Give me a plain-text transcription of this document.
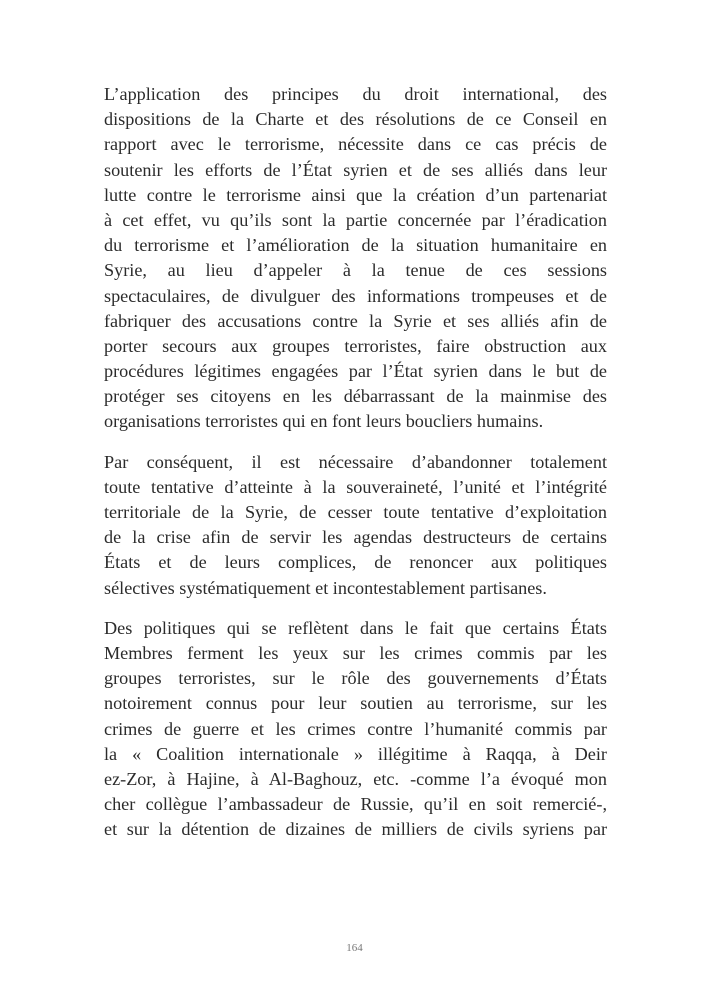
L’application des principes du droit international, des
dispositions de la Charte et des résolutions de ce Conseil en
rapport avec le terrorisme, nécessite dans ce cas précis de
soutenir les efforts de l’État syrien et de ses alliés dans leur
lutte contre le terrorisme ainsi que la création d’un partenariat
à cet effet, vu qu’ils sont la partie concernée par l’éradication
du terrorisme et l’amélioration de la situation humanitaire en
Syrie, au lieu d’appeler à la tenue de ces sessions
spectaculaires, de divulguer des informations trompeuses et de
fabriquer des accusations contre la Syrie et ses alliés afin de
porter secours aux groupes terroristes, faire obstruction aux
procédures légitimes engagées par l’État syrien dans le but de
protéger ses citoyens en les débarrassant de la mainmise des
organisations terroristes qui en font leurs boucliers humains.

Par conséquent, il est nécessaire d’abandonner totalement
toute tentative d’atteinte à la souveraineté, l’unité et l’intégrité
territoriale de la Syrie, de cesser toute tentative d’exploitation
de la crise afin de servir les agendas destructeurs de certains
États et de leurs complices, de renoncer aux politiques
sélectives systématiquement et incontestablement partisanes.

Des politiques qui se reflètent dans le fait que certains États
Membres ferment les yeux sur les crimes commis par les
groupes terroristes, sur le rôle des gouvernements d’États
notoirement connus pour leur soutien au terrorisme, sur les
crimes de guerre et les crimes contre l’humanité commis par
la « Coalition internationale » illégitime à Raqqa, à Deir
ez-Zor, à Hajine, à Al-Baghouz, etc. -comme l’a évoqué mon
cher collègue l’ambassadeur de Russie, qu’il en soit remercié-,
et sur la détention de dizaines de milliers de civils syriens par

164
